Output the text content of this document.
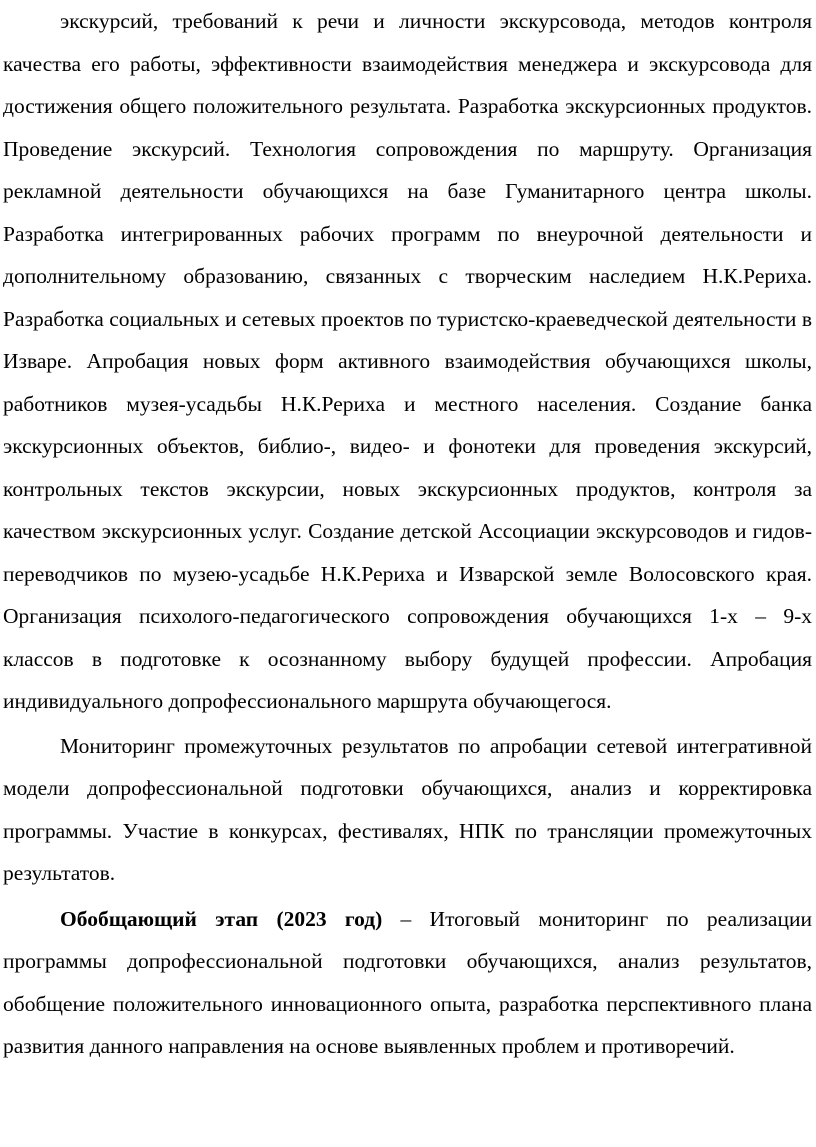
экскурсий, требований к речи и личности экскурсовода, методов контроля качества его работы, эффективности взаимодействия менеджера и экскурсовода для достижения общего положительного результата. Разработка экскурсионных продуктов. Проведение экскурсий. Технология сопровождения по маршруту. Организация рекламной деятельности обучающихся на базе Гуманитарного центра школы. Разработка интегрированных рабочих программ по внеурочной деятельности и дополнительному образованию, связанных с творческим наследием Н.К.Рериха. Разработка социальных и сетевых проектов по туристско-краеведческой деятельности в Изваре. Апробация новых форм активного взаимодействия обучающихся школы, работников музея-усадьбы Н.К.Рериха и местного населения. Создание банка экскурсионных объектов, библио-, видео- и фонотеки для проведения экскурсий, контрольных текстов экскурсии, новых экскурсионных продуктов, контроля за качеством экскурсионных услуг. Создание детской Ассоциации экскурсоводов и гидов-переводчиков по музею-усадьбе Н.К.Рериха и Изварской земле Волосовского края. Организация психолого-педагогического сопровождения обучающихся 1-х – 9-х классов в подготовке к осознанному выбору будущей профессии. Апробация индивидуального допрофессионального маршрута обучающегося.

Мониторинг промежуточных результатов по апробации сетевой интегративной модели допрофессиональной подготовки обучающихся, анализ и корректировка программы. Участие в конкурсах, фестивалях, НПК по трансляции промежуточных результатов.

Обобщающий этап (2023 год) – Итоговый мониторинг по реализации программы допрофессиональной подготовки обучающихся, анализ результатов, обобщение положительного инновационного опыта, разработка перспективного плана развития данного направления на основе выявленных проблем и противоречий.
